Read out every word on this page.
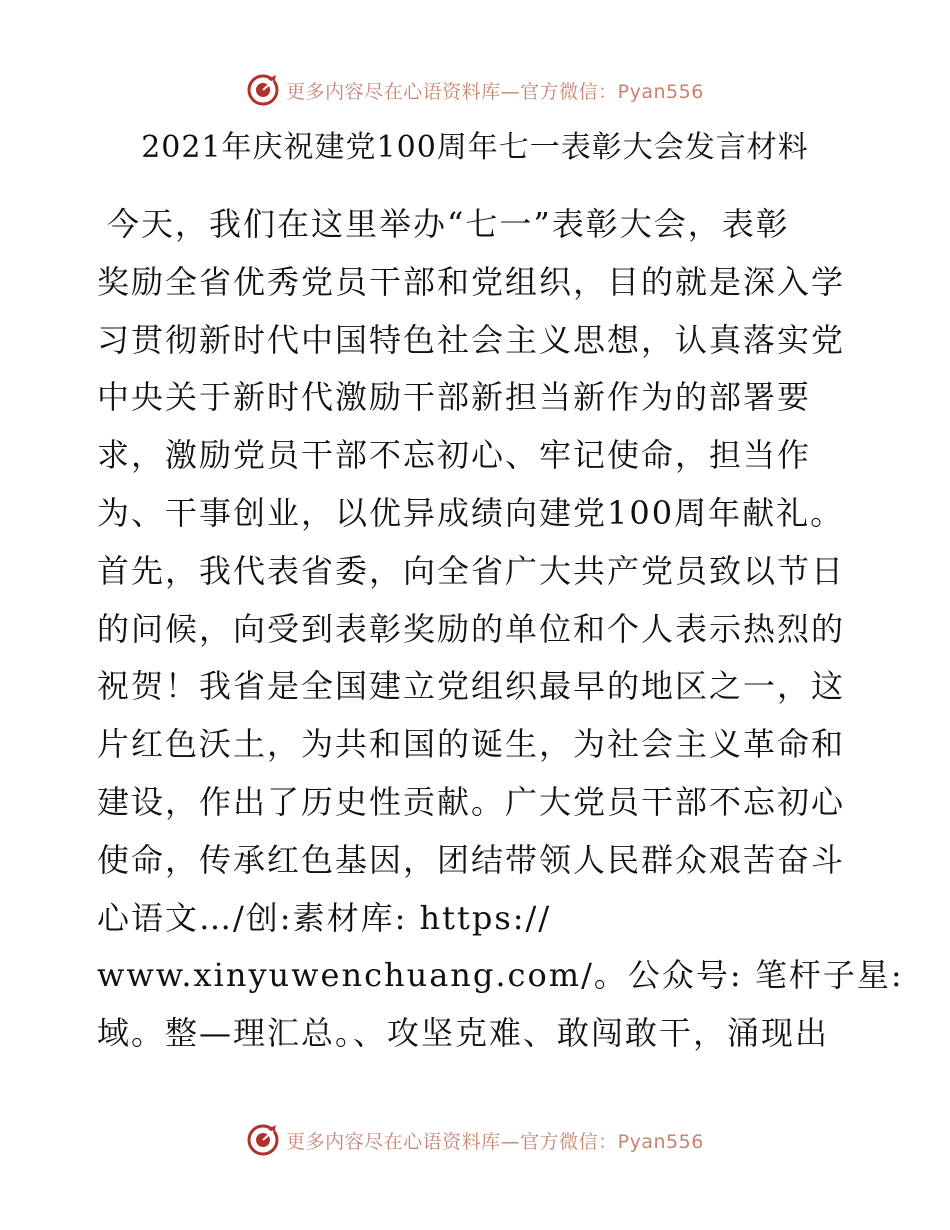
更多内容尽在心语资料库—官方微信：Pyan556
2021年庆祝建党100周年七一表彰大会发言材料
今天，我们在这里举办“七一”表彰大会，表彰
奖励全省优秀党员干部和党组织，目的就是深入学
习贯彻新时代中国特色社会主义思想，认真落实党
中央关于新时代激励干部新担当新作为的部署要
求，激励党员干部不忘初心、牢记使命，担当作
为、干事创业，以优异成绩向建党100周年献礼。
首先，我代表省委，向全省广大共产党员致以节日
的问候，向受到表彰奖励的单位和个人表示热烈的
祝贺！我省是全国建立党组织最早的地区之一，这
片红色沃土，为共和国的诞生，为社会主义革命和
建设，作出了历史性贡献。广大党员干部不忘初心
使命，传承红色基因，团结带领人民群众艰苦奋斗
心语文…/创:素材库: https://
www.xinyuwenchuang.com/。公众号: 笔杆子星:
域。整—理汇总。、攻坚克难、敢闯敢干，涌现出
更多内容尽在心语资料库—官方微信：Pyan556
